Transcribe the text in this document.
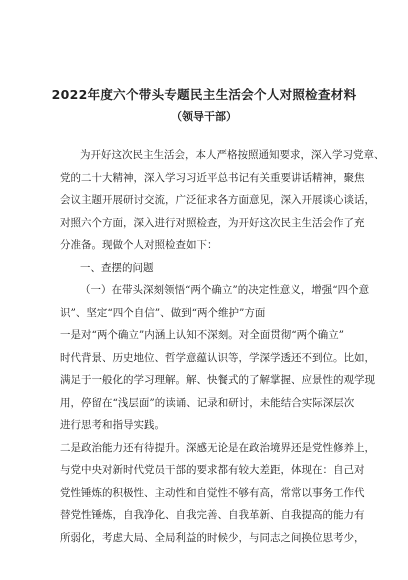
2022年度六个带头专题民主生活会个人对照检查材料
（领导干部）
为开好这次民主生活会，本人严格按照通知要求，深入学习党章、
党的二十大精神，深入学习习近平总书记有关重要讲话精神，聚焦
会议主题开展研讨交流，广泛征求各方面意见，深入开展谈心谈话，
对照六个方面，深入进行对照检查，为开好这次民主生活会作了充
分准备。现做个人对照检查如下：
一、查摆的问题
（一）在带头深刻领悟“两个确立”的决定性意义，增强“四个意
识”、坚定“四个自信”、做到“两个维护”方面
一是对“两个确立”内涵上认知不深刻。对全面贯彻“两个确立”
时代背景、历史地位、哲学意蕴认识等，学深学透还不到位。比如，
满足于一般化的学习理解。解、快餐式的了解掌握、应景性的观学现
用，停留在“浅层面”的读诵、记录和研讨，未能结合实际深层次
进行思考和指导实践。
二是政治能力还有待提升。深感无论是在政治境界还是党性修养上，
与党中央对新时代党员干部的要求都有较大差距，体现在：自己对
党性锤炼的积极性、主动性和自觉性不够有高，常常以事务工作代
替党性锤炼，自我净化、自我完善、自我革新、自我提高的能力有
所弱化，考虑大局、全局利益的时候少，与同志之间换位思考少，
